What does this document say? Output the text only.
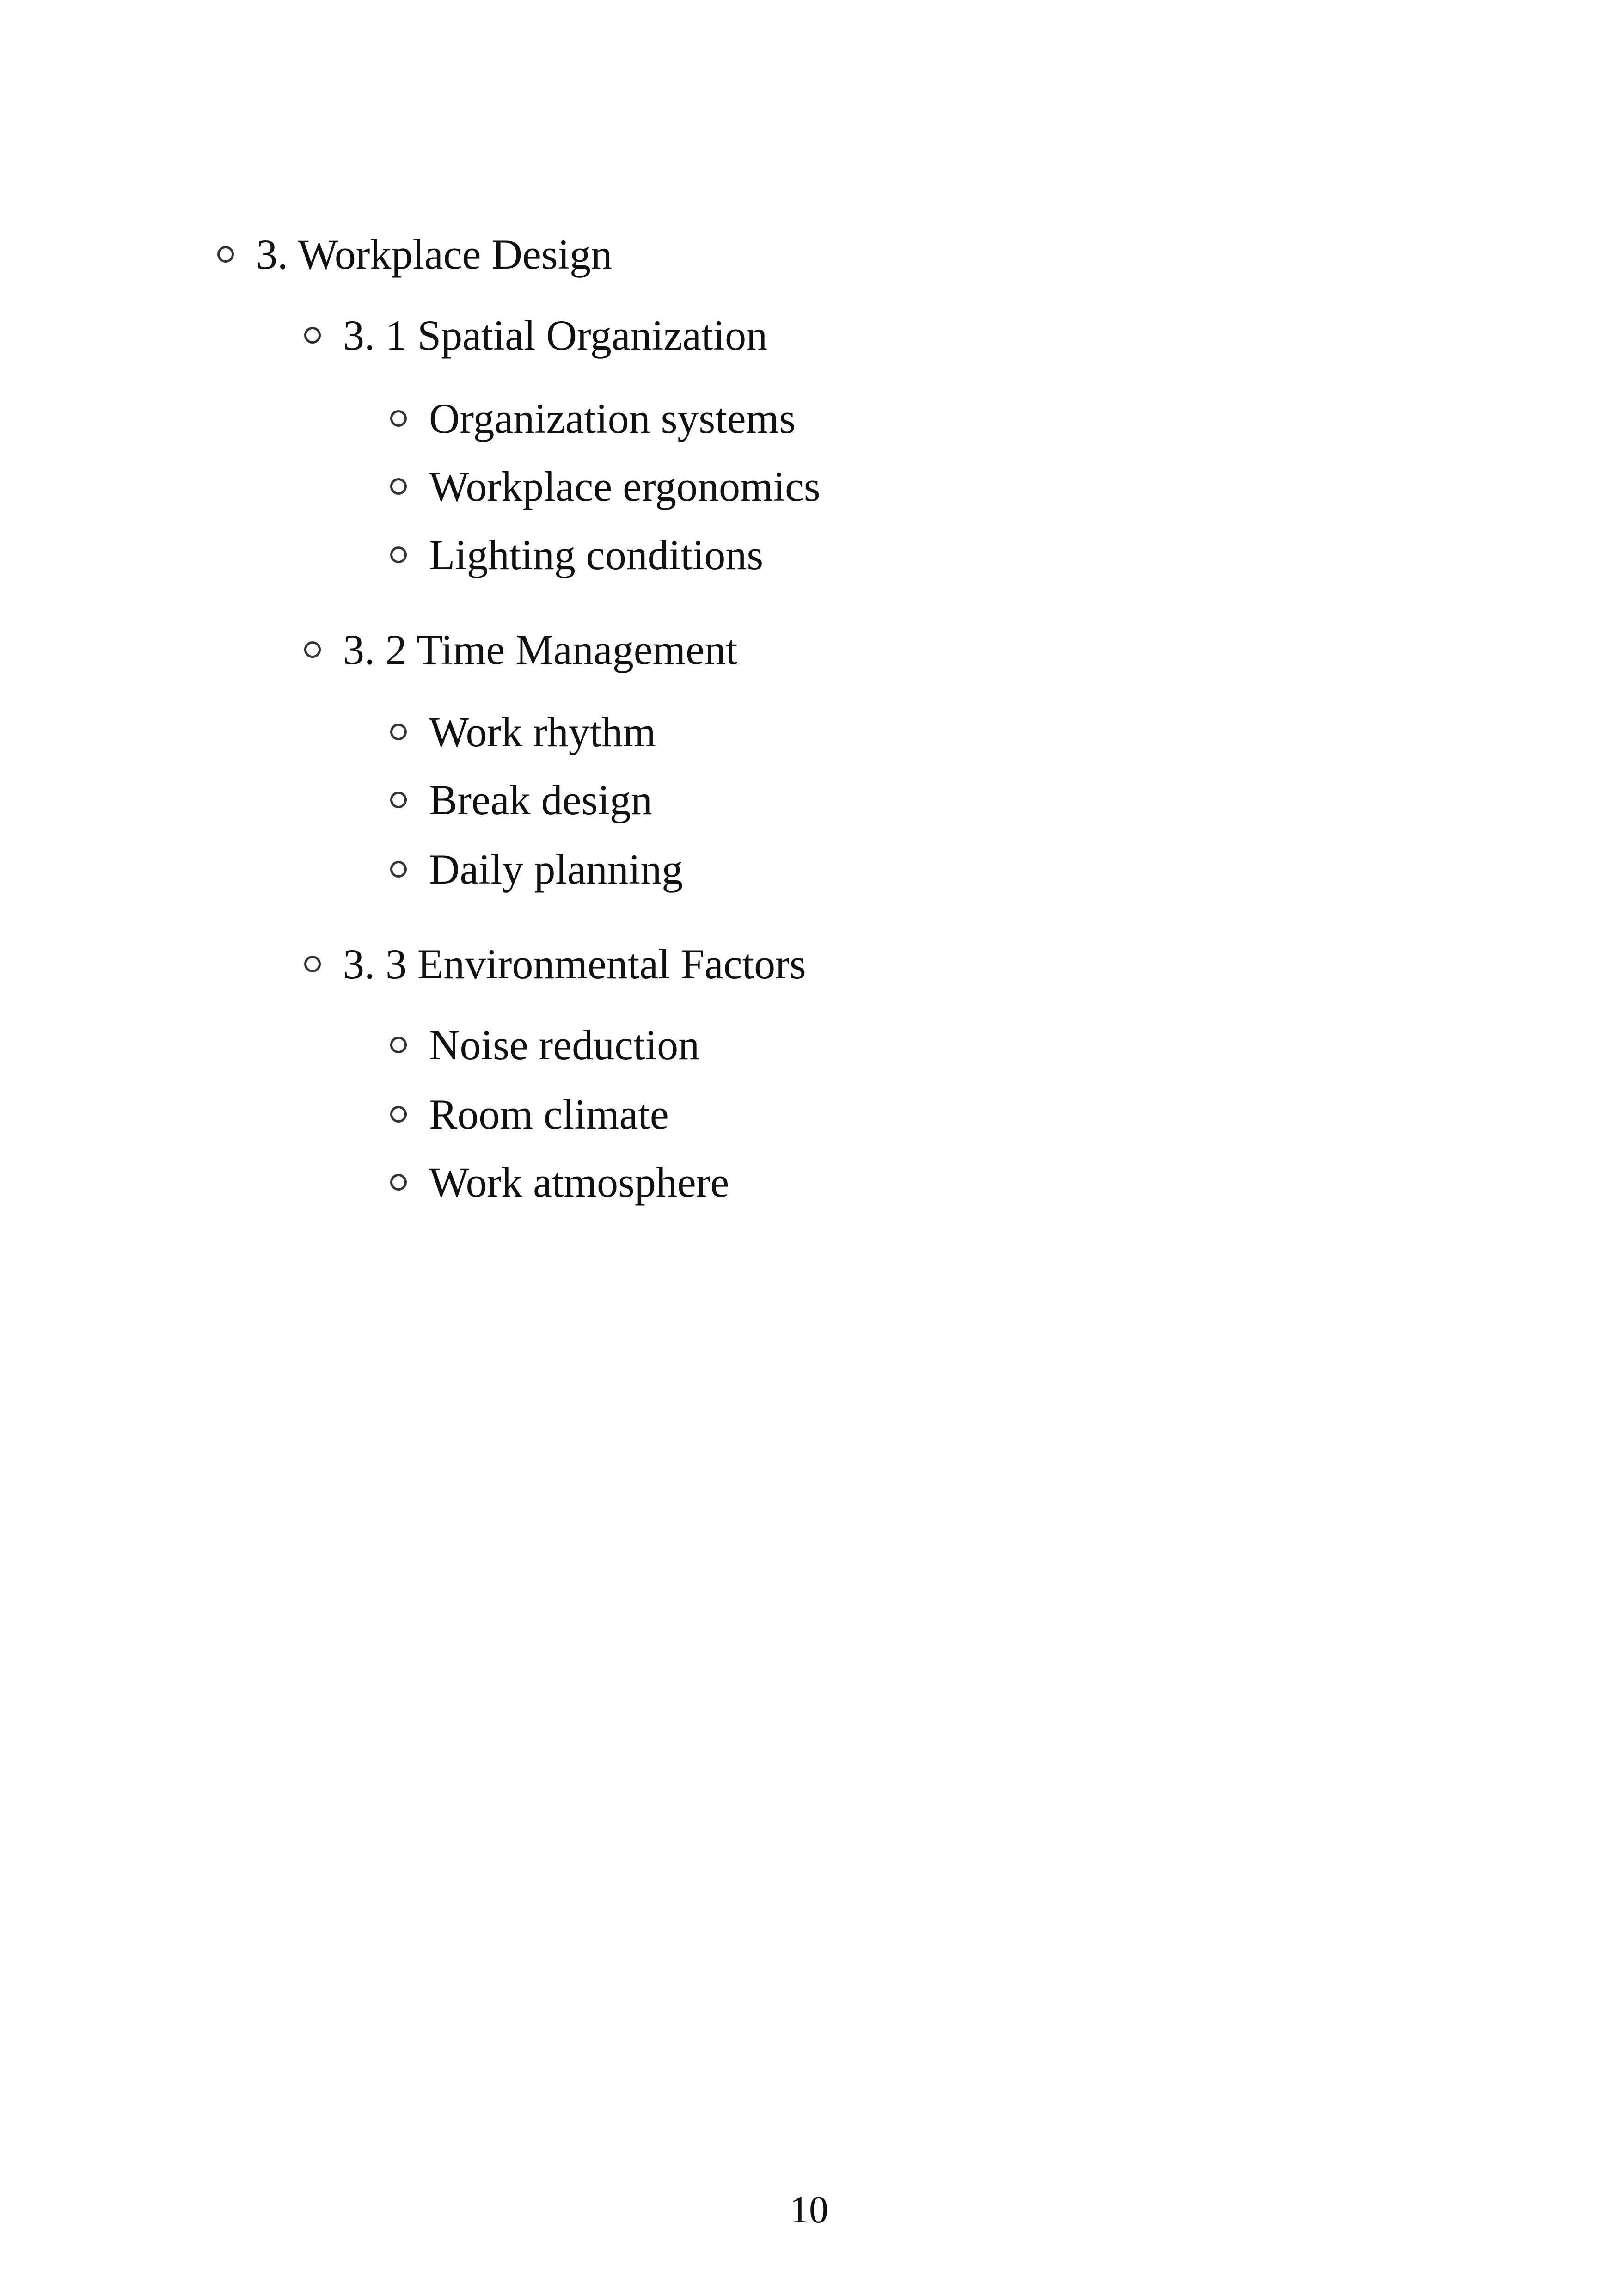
3. Workplace Design
3. 1 Spatial Organization
Organization systems
Workplace ergonomics
Lighting conditions
3. 2 Time Management
Work rhythm
Break design
Daily planning
3. 3 Environmental Factors
Noise reduction
Room climate
Work atmosphere
10
